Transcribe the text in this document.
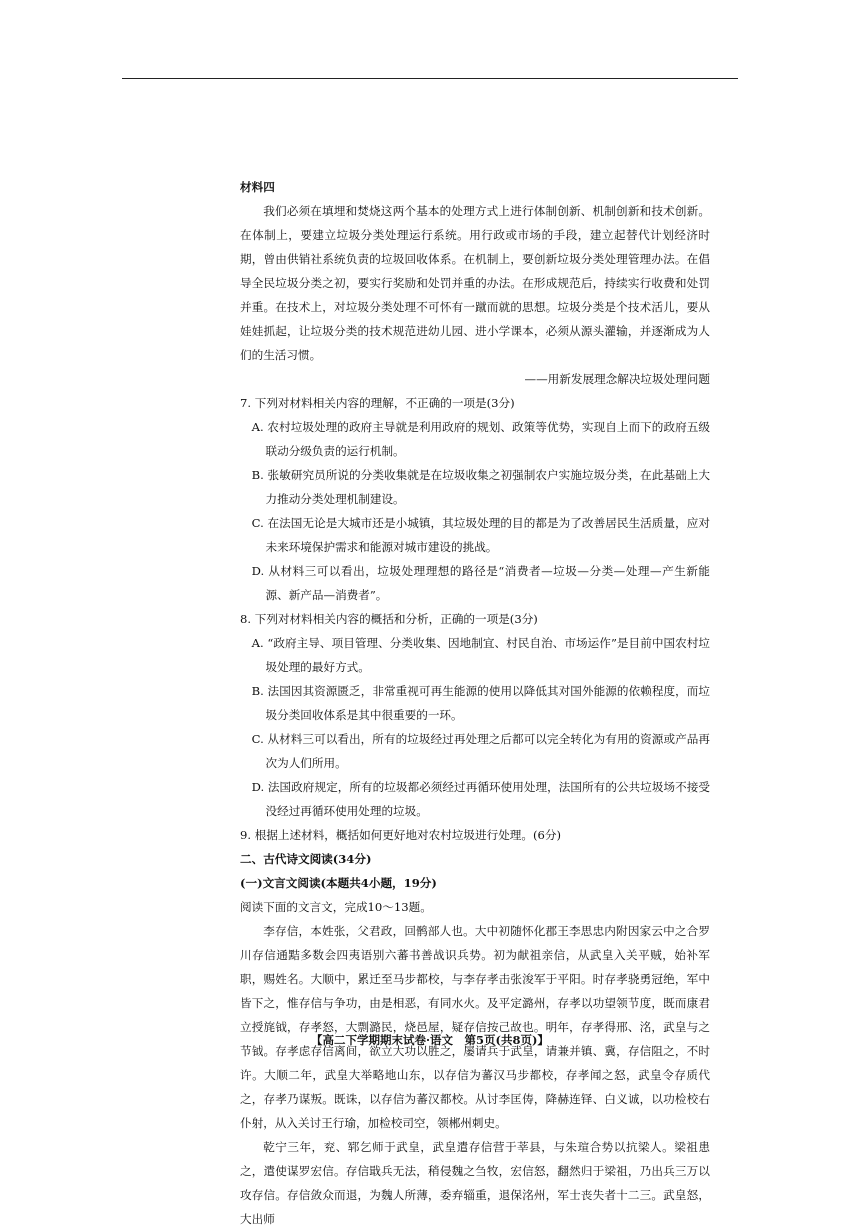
材料四

我们必须在填埋和焚烧这两个基本的处理方式上进行体制创新、机制创新和技术创新。在体制上，要建立垃圾分类处理运行系统。用行政或市场的手段，建立起替代计划经济时期，曾由供销社系统负责的垃圾回收体系。在机制上，要创新垃圾分类处理管理办法。在倡导全民垃圾分类之初，要实行奖励和处罚并重的办法。在形成规范后，持续实行收费和处罚并重。在技术上，对垃圾分类处理不可怀有一蹴而就的思想。垃圾分类是个技术活儿，要从娃娃抓起，让垃圾分类的技术规范进幼儿园、进小学课本，必须从源头灌输，并逐渐成为人们的生活习惯。

——用新发展理念解决垃圾处理问题

7. 下列对材料相关内容的理解，不正确的一项是(3分)

A. 农村垃圾处理的政府主导就是利用政府的规划、政策等优势，实现自上而下的政府五级联动分级负责的运行机制。

B. 张敏研究员所说的分类收集就是在垃圾收集之初强制农户实施垃圾分类，在此基础上大力推动分类处理机制建设。

C. 在法国无论是大城市还是小城镇，其垃圾处理的目的都是为了改善居民生活质量，应对未来环境保护需求和能源对城市建设的挑战。

D. 从材料三可以看出，垃圾处理理想的路径是“消费者—垃圾—分类—处理—产生新能源、新产品—消费者”。

8. 下列对材料相关内容的概括和分析，正确的一项是(3分)

A. “政府主导、项目管理、分类收集、因地制宜、村民自治、市场运作”是目前中国农村垃圾处理的最好方式。

B. 法国因其资源匮乏，非常重视可再生能源的使用以降低其对国外能源的依赖程度，而垃圾分类回收体系是其中很重要的一环。

C. 从材料三可以看出，所有的垃圾经过再处理之后都可以完全转化为有用的资源或产品再次为人们所用。

D. 法国政府规定，所有的垃圾都必须经过再循环使用处理，法国所有的公共垃圾场不接受没经过再循环使用处理的垃圾。

9. 根据上述材料，概括如何更好地对农村垃圾进行处理。(6分)

二、古代诗文阅读(34分)

(一)文言文阅读(本题共4小题，19分)

阅读下面的文言文，完成10～13题。

李存信，本姓张，父君政，回鹘部人也。大中初随怀化郡王李思忠内附因家云中之合罗川存信通黠多数会四夷语别六蕃书善战识兵势。初为献祖亲信，从武皇入关平贼，始补军职，赐姓名。大顺中，累迁至马步都校，与李存孝击张浚军于平阳。时存孝骁勇冠绝，军中皆下之，惟存信与争功，由是相恶，有同水火。及平定潞州，存孝以功望领节度，既而康君立授旄钺，存孝怒，大剽潞民，烧邑屋，疑存信按己故也。明年，存孝得邢、洺，武皇与之节钺。存孝虑存信离间，欲立大功以胜之，屡请兵于武皇，请兼并镇、冀，存信阻之，不时许。大顺二年，武皇大举略地山东，以存信为蕃汉马步都校，存孝闻之怒，武皇令存质代之，存孝乃谋叛。既诛，以存信为蕃汉都校。从讨李匡俦，降赫连铎、白义诚，以功检校右仆射，从入关讨王行瑜，加检校司空，领郴州刺史。

乾宁三年，兖、郓乞师于武皇，武皇遣存信营于莘县，与朱瑄合势以抗梁人。梁祖患之，遣使谋罗宏信。存信戢兵无法，稍侵魏之刍牧，宏信怒，翻然归于梁祖，乃出兵三万以攻存信。存信敛众而退，为魏人所薄，委弃辎重，退保洺州，军士丧失者十二三。武皇怒，大出师

【高二下学期期末试卷·语文　第5页(共8页)】
